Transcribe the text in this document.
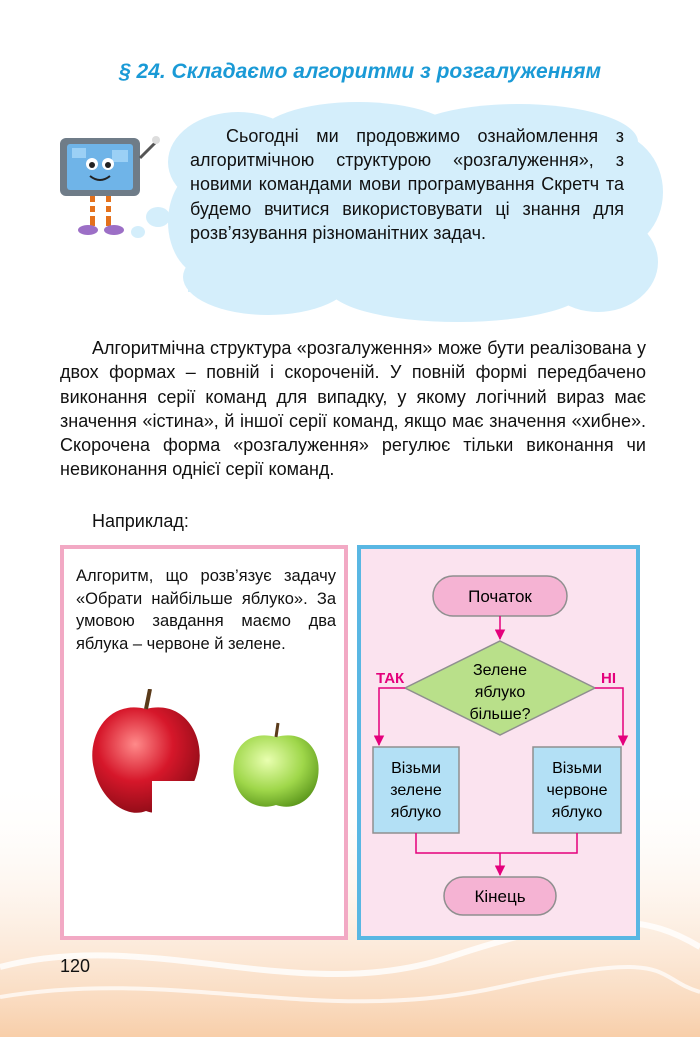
§ 24. Складаємо алгоритми з розгалуженням
Сьогодні ми продовжимо ознайомлення з алгоритмічною структурою «розгалуження», з новими командами мови програмування Скретч та будемо вчитися використовувати ці знання для розв’язування різноманітних задач.
Алгоритмічна структура «розгалуження» може бути реалізована у двох формах – повній і скороченій. У повній формі передбачено виконання серії команд для випадку, у якому логічний вираз має значення «істина», й іншої серії команд, якщо має значення «хибне». Скорочена форма «розгалуження» регулює тільки виконання чи невиконання однієї серії команд.
Наприклад:
Алгоритм, що розв’язує задачу «Обрати найбільше яблуко». За умовою завдання маємо два яблука – червоне й зелене.
Початок
Зелене
яблуко
більше?
ТАК	НІ
Візьми
зелене
яблуко
Візьми
червоне
яблуко
Кінець
120
